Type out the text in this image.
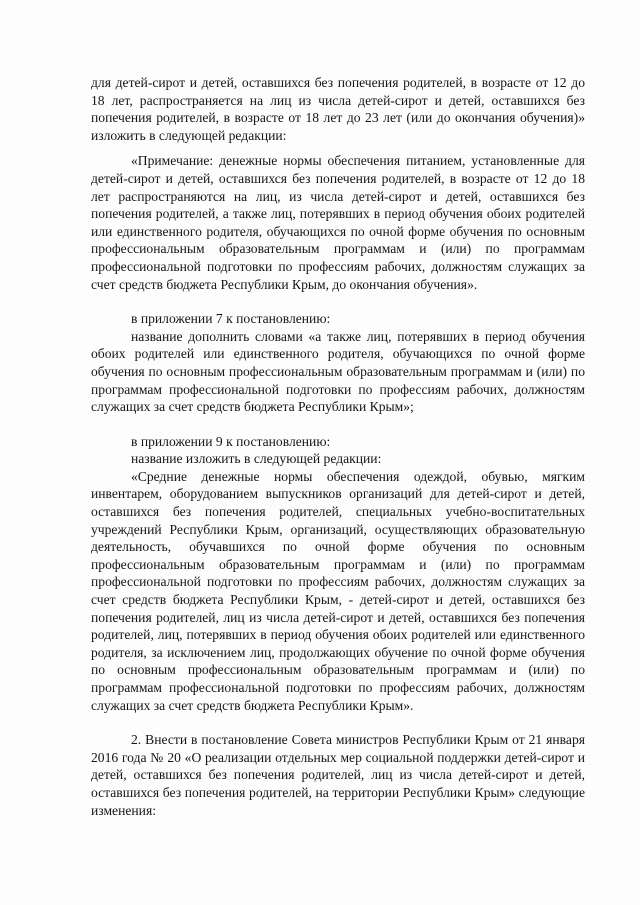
для детей-сирот и детей, оставшихся без попечения родителей, в возрасте от 12 до 18 лет, распространяется на лиц из числа детей-сирот и детей, оставшихся без попечения родителей, в возрасте от 18 лет до 23 лет (или до окончания обучения)» изложить в следующей редакции:

«Примечание: денежные нормы обеспечения питанием, установленные для детей-сирот и детей, оставшихся без попечения родителей, в возрасте от 12 до 18 лет распространяются на лиц, из числа детей-сирот и детей, оставшихся без попечения родителей, а также лиц, потерявших в период обучения обоих родителей или единственного родителя, обучающихся по очной форме обучения по основным профессиональным образовательным программам и (или) по программам профессиональной подготовки по профессиям рабочих, должностям служащих за счет средств бюджета Республики Крым, до окончания обучения».

в приложении 7 к постановлению:

название дополнить словами «а также лиц, потерявших в период обучения обоих родителей или единственного родителя, обучающихся по очной форме обучения по основным профессиональным образовательным программам и (или) по программам профессиональной подготовки по профессиям рабочих, должностям служащих за счет средств бюджета Республики Крым»;

в приложении 9 к постановлению:

название изложить в следующей редакции:

«Средние денежные нормы обеспечения одеждой, обувью, мягким инвентарем, оборудованием выпускников организаций для детей-сирот и детей, оставшихся без попечения родителей, специальных учебно-воспитательных учреждений Республики Крым, организаций, осуществляющих образовательную деятельность, обучавшихся по очной форме обучения по основным профессиональным образовательным программам и (или) по программам профессиональной подготовки по профессиям рабочих, должностям служащих за счет средств бюджета Республики Крым, - детей-сирот и детей, оставшихся без попечения родителей, лиц из числа детей-сирот и детей, оставшихся без попечения родителей, лиц, потерявших в период обучения обоих родителей или единственного родителя, за исключением лиц, продолжающих обучение по очной форме обучения по основным профессиональным образовательным программам и (или) по программам профессиональной подготовки по профессиям рабочих, должностям служащих за счет средств бюджета Республики Крым».

2. Внести в постановление Совета министров Республики Крым от 21 января 2016 года № 20 «О реализации отдельных мер социальной поддержки детей-сирот и детей, оставшихся без попечения родителей, лиц из числа детей-сирот и детей, оставшихся без попечения родителей, на территории Республики Крым» следующие изменения:
